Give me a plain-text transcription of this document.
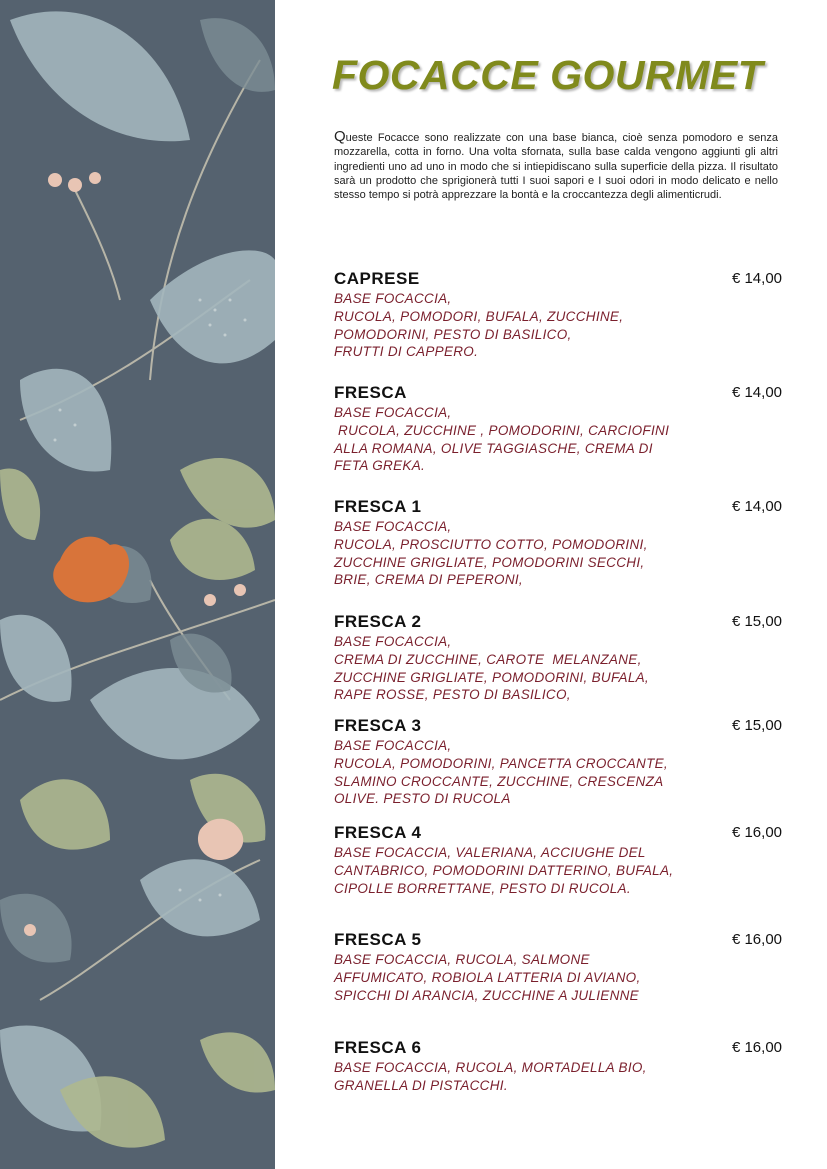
FOCACCE GOURMET

Queste Focacce sono realizzate con una base bianca, cioè senza pomodoro e senza mozzarella, cotta in forno. Una volta sfornata, sulla base calda vengono aggiunti gli altri ingredienti uno ad uno in modo che si intiepidiscano sulla superficie della pizza. Il risultato sarà un prodotto che sprigionerà tutti I suoi sapori e I suoi odori in modo delicato e nello stesso tempo si potrà apprezzare la bontà e la croccantezza degli alimenticrudi.

CAPRESE	€ 14,00
BASE FOCACCIA,
RUCOLA, POMODORI, BUFALA, ZUCCHINE,
POMODORINI, PESTO DI BASILICO,
FRUTTI DI CAPPERO.
FRESCA	€ 14,00
BASE FOCACCIA,
RUCOLA, ZUCCHINE , POMODORINI, CARCIOFINI
ALLA ROMANA, OLIVE TAGGIASCHE, CREMA DI
FETA GREKA.
FRESCA 1	€ 14,00
BASE FOCACCIA,
RUCOLA, PROSCIUTTO COTTO, POMODORINI,
ZUCCHINE GRIGLIATE, POMODORINI SECCHI,
BRIE, CREMA DI PEPERONI,
FRESCA 2	€ 15,00
BASE FOCACCIA,
CREMA DI ZUCCHINE, CAROTE  MELANZANE,
ZUCCHINE GRIGLIATE, POMODORINI, BUFALA,
RAPE ROSSE, PESTO DI BASILICO,
FRESCA 3	€ 15,00
BASE FOCACCIA,
RUCOLA, POMODORINI, PANCETTA CROCCANTE,
SLAMINO CROCCANTE, ZUCCHINE, CRESCENZA
OLIVE. PESTO DI RUCOLA
FRESCA 4	€ 16,00
BASE FOCACCIA, VALERIANA, ACCIUGHE DEL
CANTABRICO, POMODORINI DATTERINO, BUFALA,
CIPOLLE BORRETTANE, PESTO DI RUCOLA.
FRESCA 5	€ 16,00
BASE FOCACCIA, RUCOLA, SALMONE
AFFUMICATO, ROBIOLA LATTERIA DI AVIANO,
SPICCHI DI ARANCIA, ZUCCHINE A JULIENNE
FRESCA 6	€ 16,00
BASE FOCACCIA, RUCOLA, MORTADELLA BIO,
GRANELLA DI PISTACCHI.
